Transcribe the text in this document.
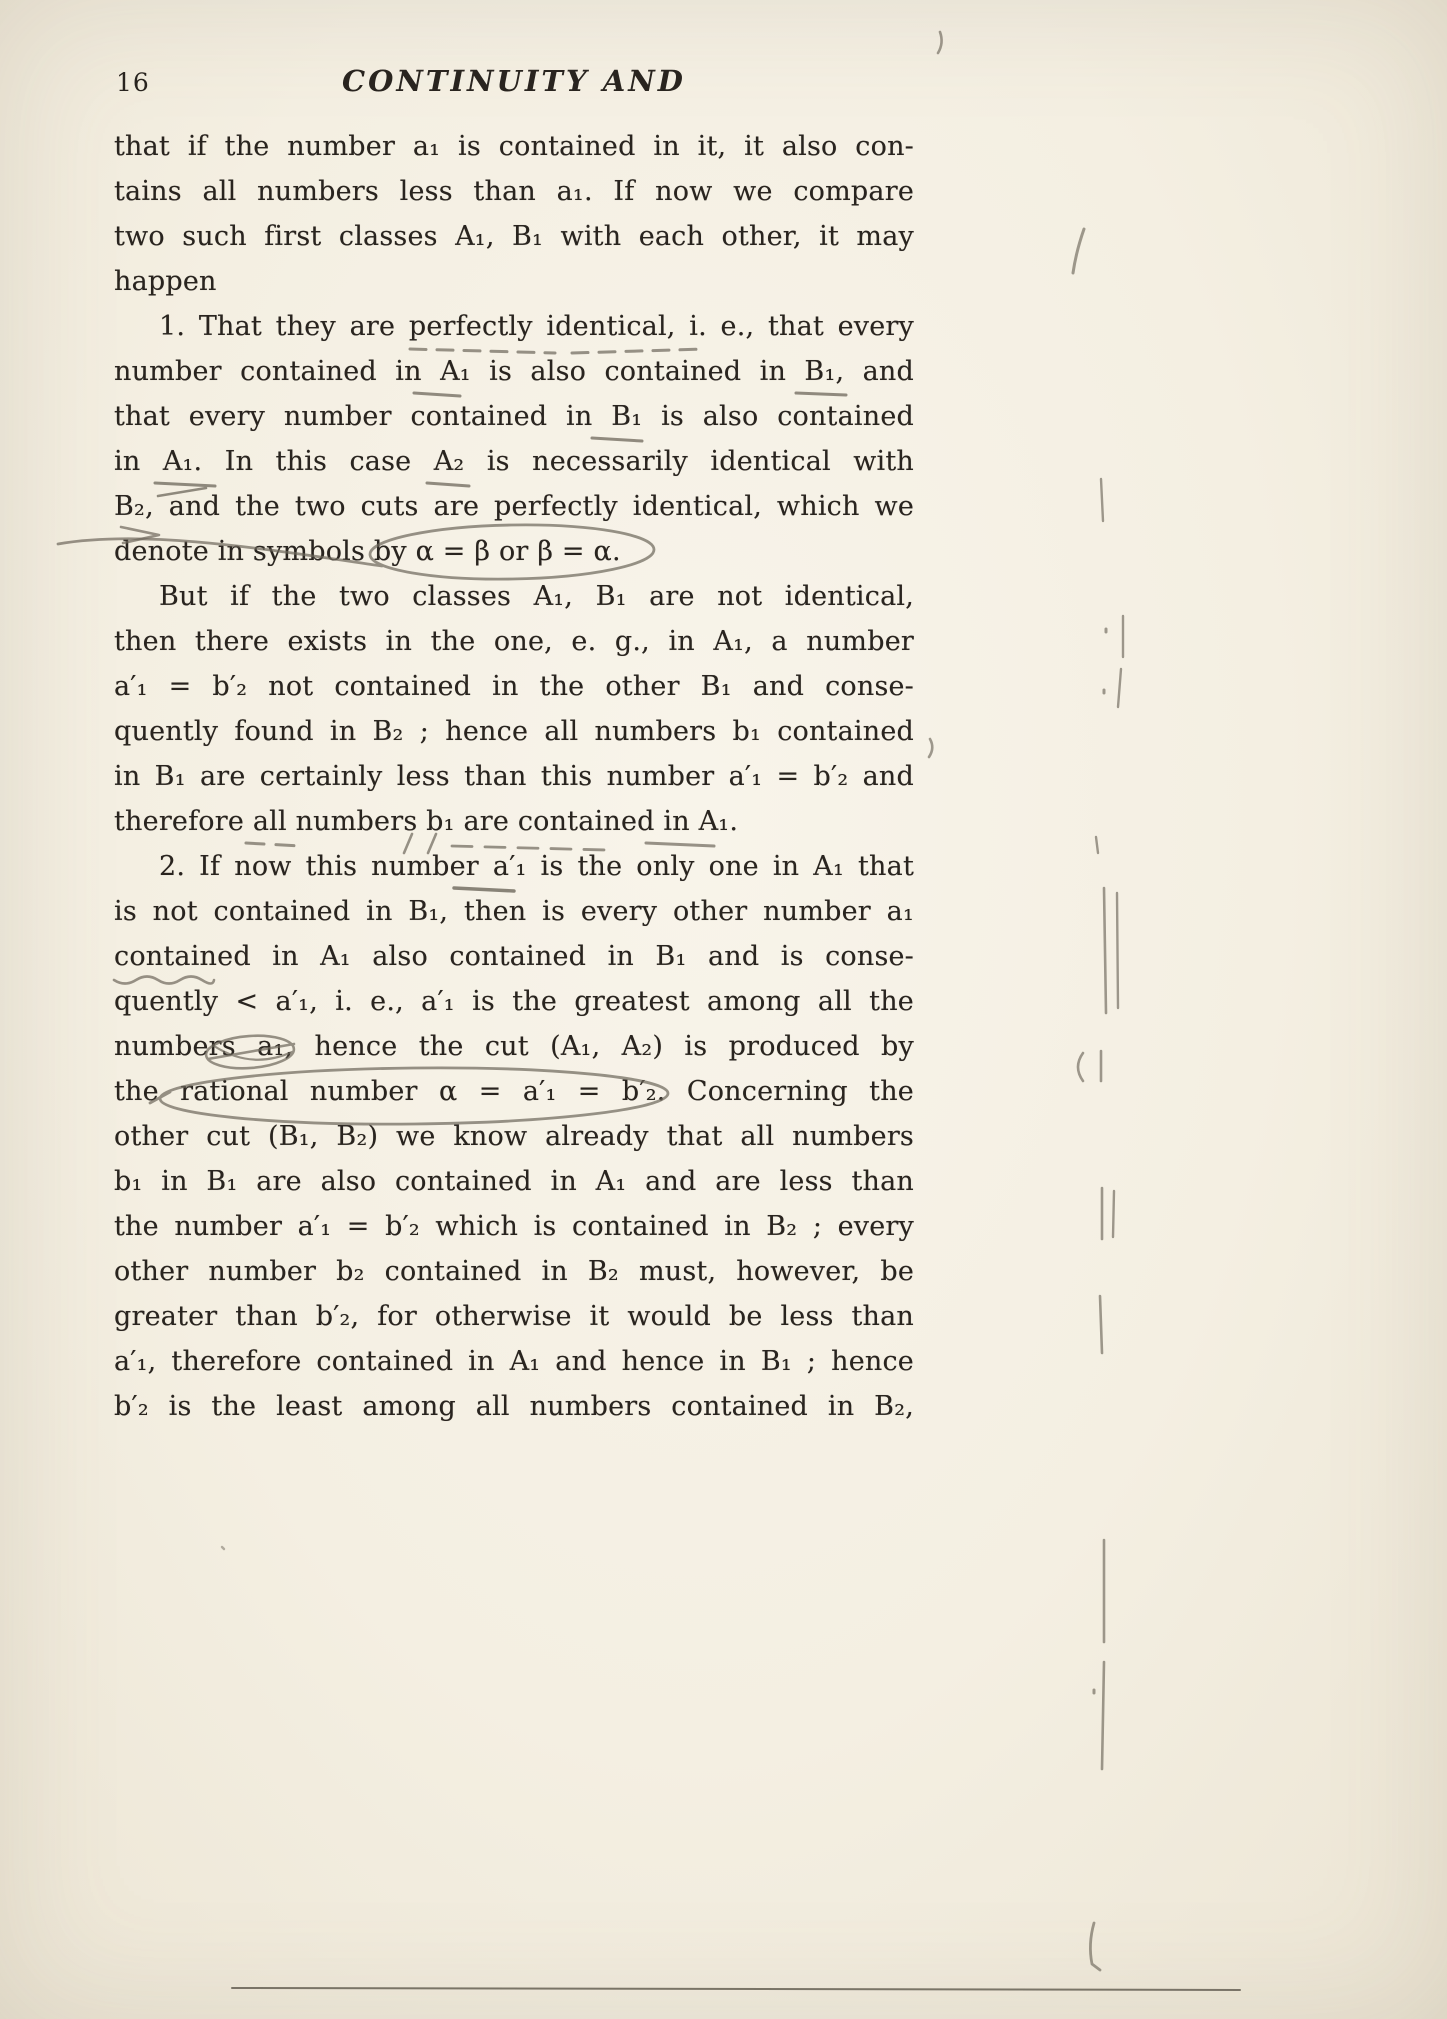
16	CONTINUITY AND
that if the number a₁ is contained in it, it also con-
tains all numbers less than a₁. If now we compare
two such first classes A₁, B₁ with each other, it may
happen
1. That they are perfectly identical, i. e., that every
number contained in A₁ is also contained in B₁, and
that every number contained in B₁ is also contained
in A₁. In this case A₂ is necessarily identical with
B₂, and the two cuts are perfectly identical, which we
denote in symbols by α = β or β = α.
But if the two classes A₁, B₁ are not identical,
then there exists in the one, e. g., in A₁, a number
a′₁ = b′₂ not contained in the other B₁ and conse-
quently found in B₂ ; hence all numbers b₁ contained
in B₁ are certainly less than this number a′₁ = b′₂ and
therefore all numbers b₁ are contained in A₁.
2. If now this number a′₁ is the only one in A₁ that
is not contained in B₁, then is every other number a₁
contained in A₁ also contained in B₁ and is conse-
quently < a′₁, i. e., a′₁ is the greatest among all the
numbers a₁, hence the cut (A₁, A₂) is produced by
the rational number α = a′₁ = b′₂. Concerning the
other cut (B₁, B₂) we know already that all numbers
b₁ in B₁ are also contained in A₁ and are less than
the number a′₁ = b′₂ which is contained in B₂ ; every
other number b₂ contained in B₂ must, however, be
greater than b′₂, for otherwise it would be less than
a′₁, therefore contained in A₁ and hence in B₁ ; hence
b′₂ is the least among all numbers contained in B₂,
